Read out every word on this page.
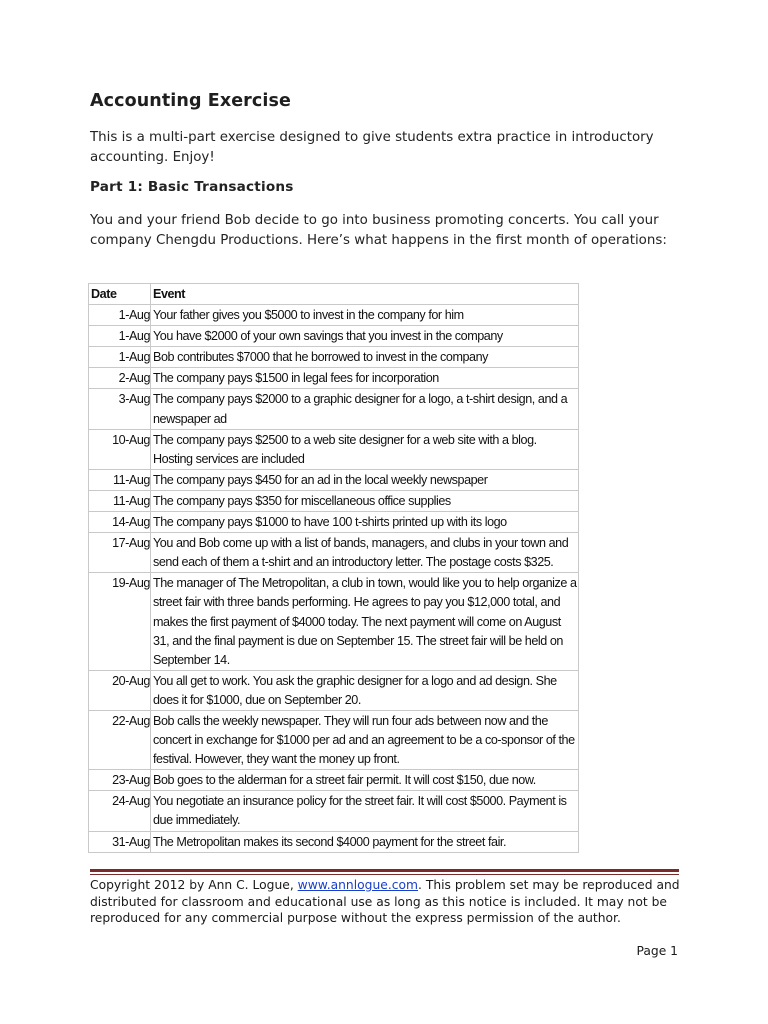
Accounting Exercise

This is a multi-part exercise designed to give students extra practice in introductory accounting. Enjoy!

Part 1: Basic Transactions

You and your friend Bob decide to go into business promoting concerts. You call your company Chengdu Productions. Here’s what happens in the first month of operations:

Date	Event
1-Aug	Your father gives you $5000 to invest in the company for him
1-Aug	You have $2000 of your own savings that you invest in the company
1-Aug	Bob contributes $7000 that he borrowed to invest in the company
2-Aug	The company pays $1500 in legal fees for incorporation
3-Aug	The company pays $2000 to a graphic designer for a logo, a t-shirt design, and a newspaper ad
10-Aug	The company pays $2500 to a web site designer for a web site with a blog. Hosting services are included
11-Aug	The company pays $450 for an ad in the local weekly newspaper
11-Aug	The company pays $350 for miscellaneous office supplies
14-Aug	The company pays $1000 to have 100 t-shirts printed up with its logo
17-Aug	You and Bob come up with a list of bands, managers, and clubs in your town and send each of them a t-shirt and an introductory letter. The postage costs $325.
19-Aug	The manager of The Metropolitan, a club in town, would like you to help organize a street fair with three bands performing. He agrees to pay you $12,000 total, and makes the first payment of $4000 today. The next payment will come on August 31, and the final payment is due on September 15. The street fair will be held on September 14.
20-Aug	You all get to work. You ask the graphic designer for a logo and ad design. She does it for $1000, due on September 20.
22-Aug	Bob calls the weekly newspaper. They will run four ads between now and the concert in exchange for $1000 per ad and an agreement to be a co-sponsor of the festival. However, they want the money up front.
23-Aug	Bob goes to the alderman for a street fair permit. It will cost $150, due now.
24-Aug	You negotiate an insurance policy for the street fair. It will cost $5000. Payment is due immediately.
31-Aug	The Metropolitan makes its second $4000 payment for the street fair.

Copyright 2012 by Ann C. Logue, www.annlogue.com. This problem set may be reproduced and distributed for classroom and educational use as long as this notice is included. It may not be reproduced for any commercial purpose without the express permission of the author.

Page 1
